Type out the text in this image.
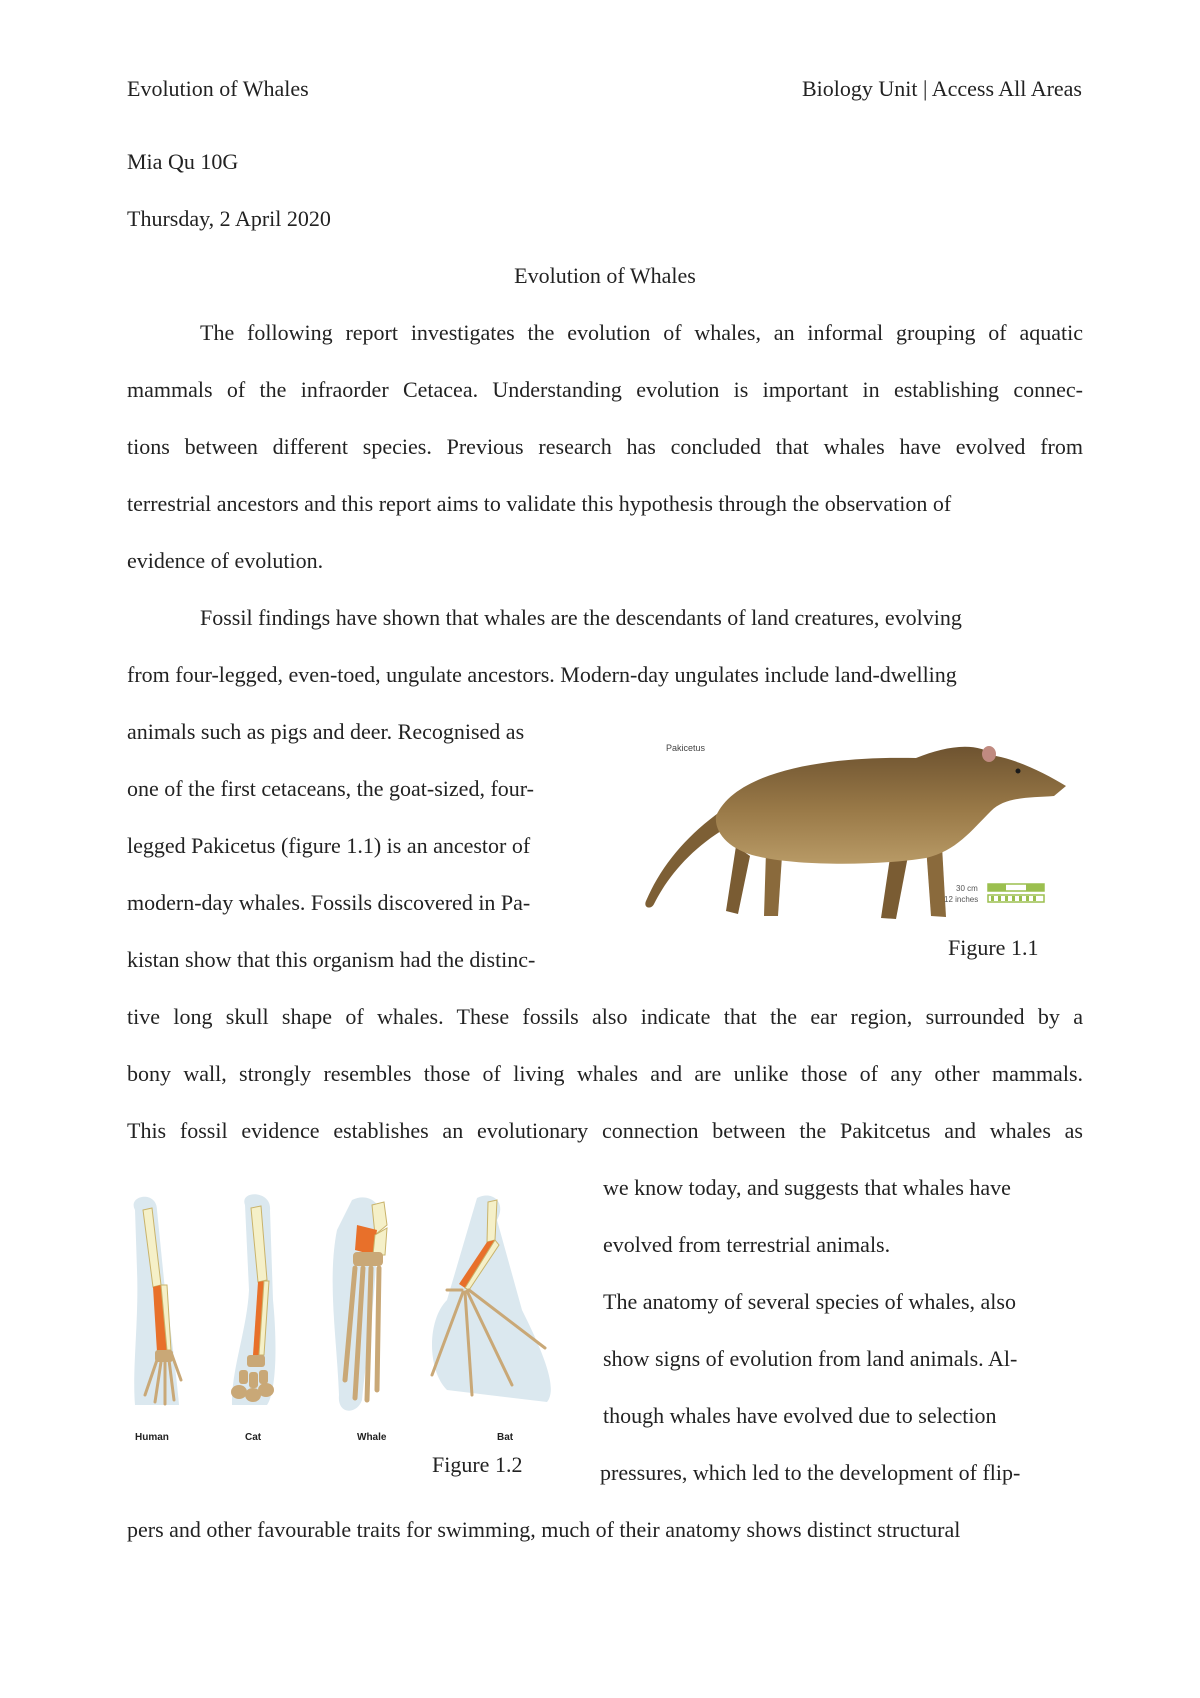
Evolution of Whales	Biology Unit | Access All Areas
Mia Qu 10G
Thursday, 2 April 2020
Evolution of Whales
The following report investigates the evolution of whales, an informal grouping of aquatic
mammals of the infraorder Cetacea. Understanding evolution is important in establishing connec-
tions between different species. Previous research has concluded that whales have evolved from
terrestrial ancestors and this report aims to validate this hypothesis through the observation of
evidence of evolution.
Fossil findings have shown that whales are the descendants of land creatures, evolving
from four-legged, even-toed, ungulate ancestors. Modern-day ungulates include land-dwelling
animals such as pigs and deer. Recognised as
one of the first cetaceans, the goat-sized, four-
legged Pakicetus (figure 1.1) is an ancestor of
modern-day whales. Fossils discovered in Pa-
kistan show that this organism had the distinc-
Pakicetus
30 cm
12 inches
Figure 1.1
tive long skull shape of whales. These fossils also indicate that the ear region, surrounded by a
bony wall, strongly resembles those of living whales and are unlike those of any other mammals.
This fossil evidence establishes an evolutionary connection between the Pakitcetus and whales as
Human	Cat	Whale	Bat
Figure 1.2
we know today, and suggests that whales have
evolved from terrestrial animals.
The anatomy of several species of whales, also
show signs of evolution from land animals. Al-
though whales have evolved due to selection
pressures, which led to the development of flip-
pers and other favourable traits for swimming, much of their anatomy shows distinct structural
